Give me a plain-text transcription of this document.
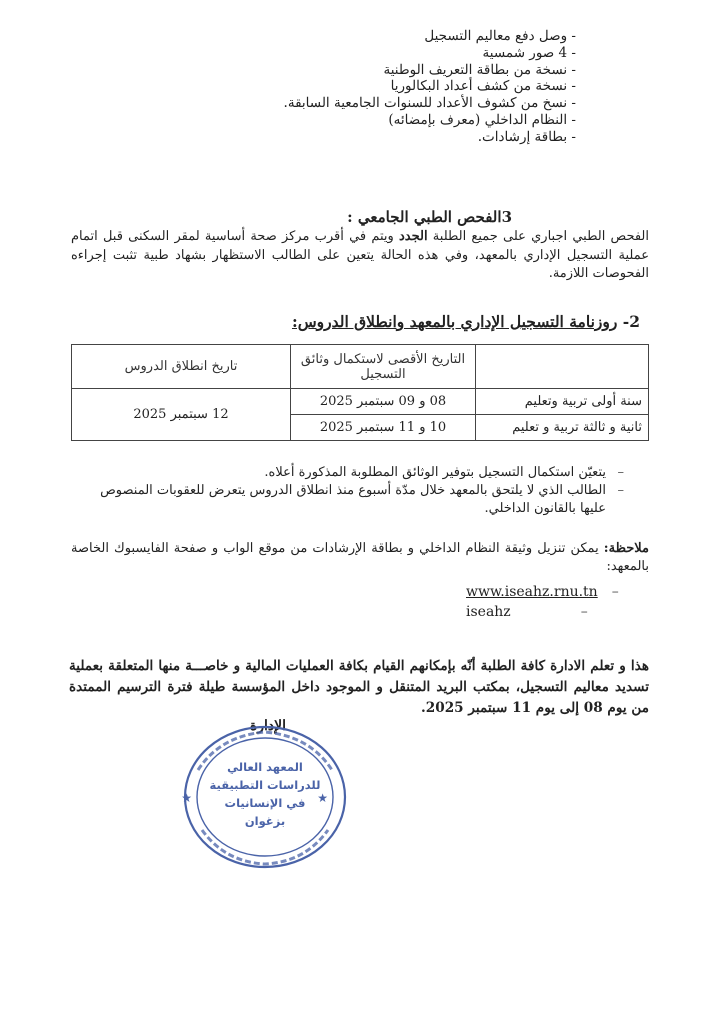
- وصل دفع معاليم التسجيل
- 4 صور شمسية
- نسخة من بطاقة التعريف الوطنية
- نسخة من كشف أعداد البكالوريا
- نسخ من كشوف الأعداد للسنوات الجامعية السابقة.
- النظام الداخلي (معرف بإمضائه)
- بطاقة إرشادات.
3الفحص الطبي الجامعي :
الفحص الطبي اجباري على جميع الطلبة الجدد ويتم في أقرب مركز صحة أساسية لمقر السكنى قبل اتمام عملية التسجيل الإداري بالمعهد، وفي هذه الحالة يتعين على الطالب الاستظهار بشهاد طبية تثبت إجراءه الفحوصات اللازمة.
2- روزنامة التسجيل الإداري بالمعهد وانطلاق الدروس:
	التاريخ الأقصى لاستكمال وثائق التسجيل	تاريخ انطلاق الدروس
سنة أولى تربية وتعليم	08 و 09 سبتمبر 2025	12 سبتمبر 2025
ثانية و ثالثة تربية و تعليم	10 و 11 سبتمبر 2025	
– يتعيّن استكمال التسجيل بتوفير الوثائق المطلوبة المذكورة أعلاه.
– الطالب الذي لا يلتحق بالمعهد خلال مدّة أسبوع منذ انطلاق الدروس يتعرض للعقوبات المنصوص عليها بالقانون الداخلي.
ملاحظة: يمكن تنزيل وثيقة النظام الداخلي و بطاقة الإرشادات من موقع الواب و صفحة الفايسبوك الخاصة بالمعهد:
www.iseahz.rnu.tn –
iseahz	–
هذا و تعلم الادارة كافة الطلبة أنّه بإمكانهم القيام بكافة العمليات المالية و خاصـــة منها المتعلقة بعملية تسديد معاليم التسجيل، بمكتب البريد المتنقل و الموجود داخل المؤسسة طيلة فترة الترسيم الممتدة من يوم 08 إلى يوم 11 سبتمبر 2025.
الإدارة
★	★
المعهد العالي
للدراسات التطبيقية
في الإنسانيات
بزغوان
